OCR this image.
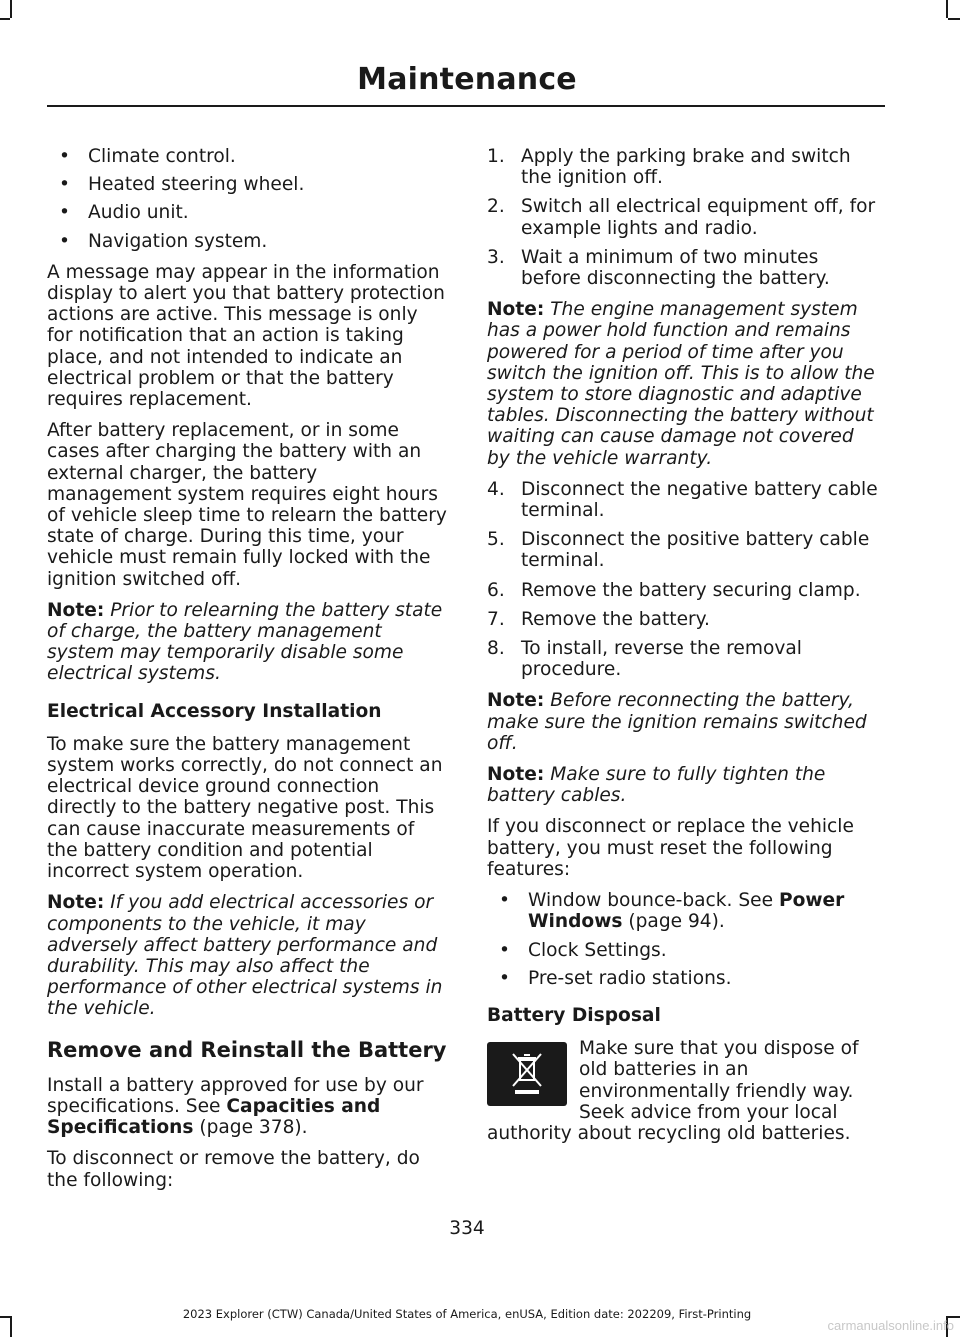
Maintenance
• Climate control.
• Heated steering wheel.
• Audio unit.
• Navigation system.

A message may appear in the information display to alert you that battery protection actions are active. This message is only for notification that an action is taking place, and not intended to indicate an electrical problem or that the battery requires replacement.

After battery replacement, or in some cases after charging the battery with an external charger, the battery management system requires eight hours of vehicle sleep time to relearn the battery state of charge. During this time, your vehicle must remain fully locked with the ignition switched off.

Note: Prior to relearning the battery state of charge, the battery management system may temporarily disable some electrical systems.

Electrical Accessory Installation

To make sure the battery management system works correctly, do not connect an electrical device ground connection directly to the battery negative post. This can cause inaccurate measurements of the battery condition and potential incorrect system operation.

Note: If you add electrical accessories or components to the vehicle, it may adversely affect battery performance and durability. This may also affect the performance of other electrical systems in the vehicle.

Remove and Reinstall the Battery

Install a battery approved for use by our specifications. See Capacities and Specifications (page 378).

To disconnect or remove the battery, do the following:

1. Apply the parking brake and switch the ignition off.
2. Switch all electrical equipment off, for example lights and radio.
3. Wait a minimum of two minutes before disconnecting the battery.

Note: The engine management system has a power hold function and remains powered for a period of time after you switch the ignition off. This is to allow the system to store diagnostic and adaptive tables. Disconnecting the battery without waiting can cause damage not covered by the vehicle warranty.

4. Disconnect the negative battery cable terminal.
5. Disconnect the positive battery cable terminal.
6. Remove the battery securing clamp.
7. Remove the battery.
8. To install, reverse the removal procedure.

Note: Before reconnecting the battery, make sure the ignition remains switched off.

Note: Make sure to fully tighten the battery cables.

If you disconnect or replace the vehicle battery, you must reset the following features:

• Window bounce-back. See Power Windows (page 94).
• Clock Settings.
• Pre-set radio stations.
Battery Disposal

Make sure that you dispose of old batteries in an environmentally friendly way. Seek advice from your local authority about recycling old batteries.

334
2023 Explorer (CTW) Canada/United States of America, enUSA, Edition date: 202209, First-Printing
carmanualsonline.info
